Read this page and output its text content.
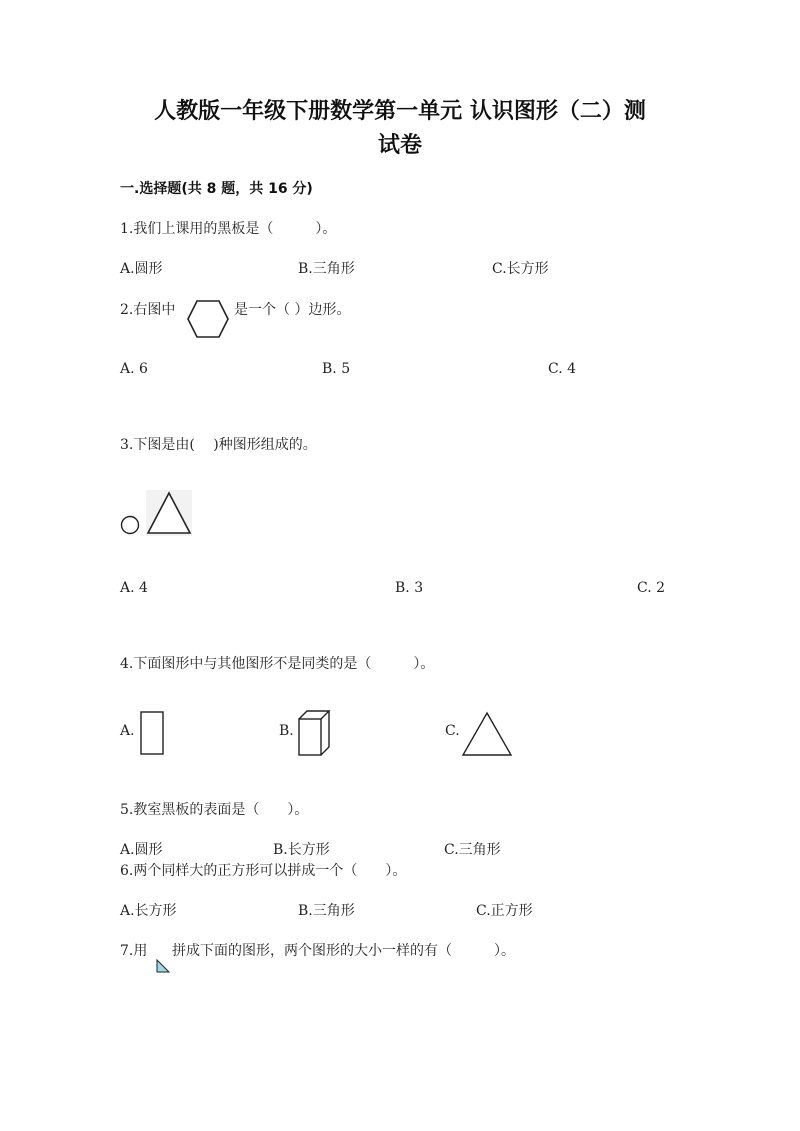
人教版一年级下册数学第一单元 认识图形（二）测
试卷
一.选择题(共 8 题，共 16 分)
1.我们上课用的黑板是（　　　）。
A.圆形	B.三角形	C.长方形
2.右图中	是一个（ ）边形。
A. 6	B. 5	C. 4
3.下图是由(　 )种图形组成的。
A. 4	B. 3	C. 2
4.下面图形中与其他图形不是同类的是（　　　）。
A.	B.	C.
5.教室黑板的表面是（　　）。
A.圆形	B.长方形	C.三角形
6.两个同样大的正方形可以拼成一个（　　）。
A.长方形	B.三角形	C.正方形
7.用 拼成下面的图形，两个图形的大小一样的有（　　　）。
